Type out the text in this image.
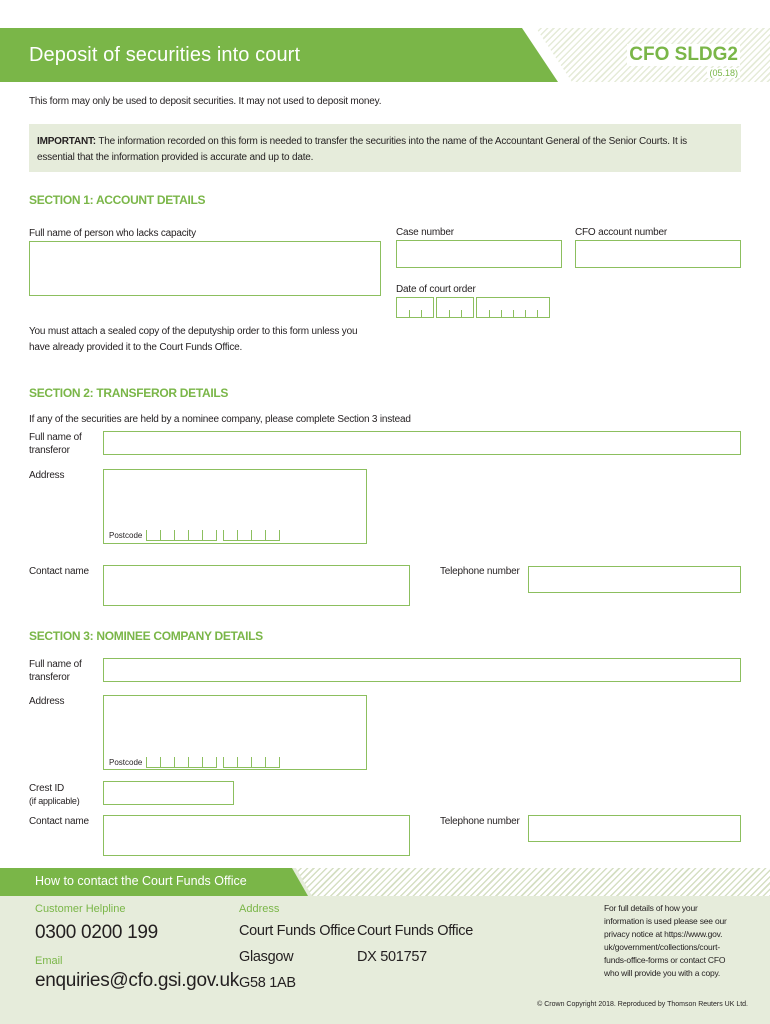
Deposit of securities into court	CFO SLDG2
(05.18)
This form may only be used to deposit securities. It may not used to deposit money.
IMPORTANT: The information recorded on this form is needed to transfer the securities into the name of the Accountant General of the Senior Courts. It is
essential that the information provided is accurate and up to date.
SECTION 1: ACCOUNT DETAILS
Full name of person who lacks capacity	Case number	CFO account number
Date of court order
You must attach a sealed copy of the deputyship order to this form unless you
have already provided it to the Court Funds Office.
SECTION 2: TRANSFEROR DETAILS
If any of the securities are held by a nominee company, please complete Section 3 instead
Full name of
transferor
Address
Postcode
Contact name	Telephone number
SECTION 3: NOMINEE COMPANY DETAILS
Full name of
transferor
Address
Postcode
Crest ID
(if applicable)
Contact name	Telephone number
How to contact the Court Funds Office
Customer Helpline
0300 0200 199
Email
enquiries@cfo.gsi.gov.uk
Address
Court Funds Office
Glasgow
G58 1AB
Court Funds Office
DX 501757
For full details of how your
information is used please see our
privacy notice at https://www.gov.
uk/government/collections/court-
funds-office-forms or contact CFO
who will provide you with a copy.
© Crown Copyright 2018. Reproduced by Thomson Reuters UK Ltd.
